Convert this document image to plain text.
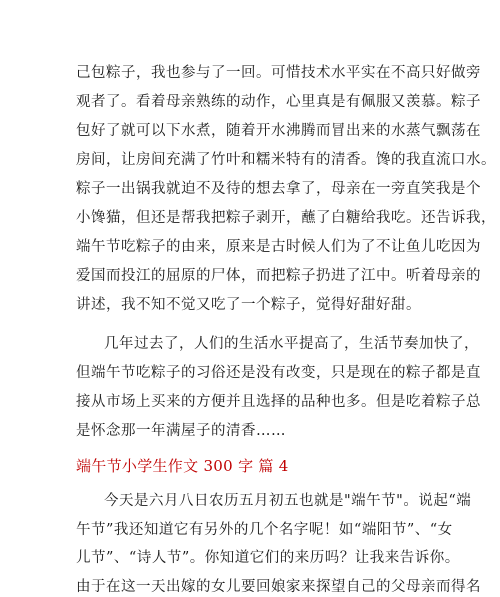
己包粽子，我也参与了一回。可惜技术水平实在不高只好做旁
观者了。看着母亲熟练的动作，心里真是有佩服又羡慕。粽子
包好了就可以下水煮，随着开水沸腾而冒出来的水蒸气飘荡在
房间，让房间充满了竹叶和糯米特有的清香。馋的我直流口水。
粽子一出锅我就迫不及待的想去拿了，母亲在一旁直笑我是个
小馋猫，但还是帮我把粽子剥开，蘸了白糖给我吃。还告诉我，
端午节吃粽子的由来，原来是古时候人们为了不让鱼儿吃因为
爱国而投江的屈原的尸体，而把粽子扔进了江中。听着母亲的
讲述，我不知不觉又吃了一个粽子，觉得好甜好甜。
几年过去了，人们的生活水平提高了，生活节奏加快了，
但端午节吃粽子的习俗还是没有改变，只是现在的粽子都是直
接从市场上买来的方便并且选择的品种也多。但是吃着粽子总
是怀念那一年满屋子的清香……
端午节小学生作文 300 字 篇 4
今天是六月八日农历五月初五也就是"端午节"。说起“端
午节”我还知道它有另外的几个名字呢！如“端阳节”、“女
儿节”、“诗人节”。你知道它们的来历吗？让我来告诉你。
由于在这一天出嫁的女儿要回娘家来探望自己的父母亲而得名
